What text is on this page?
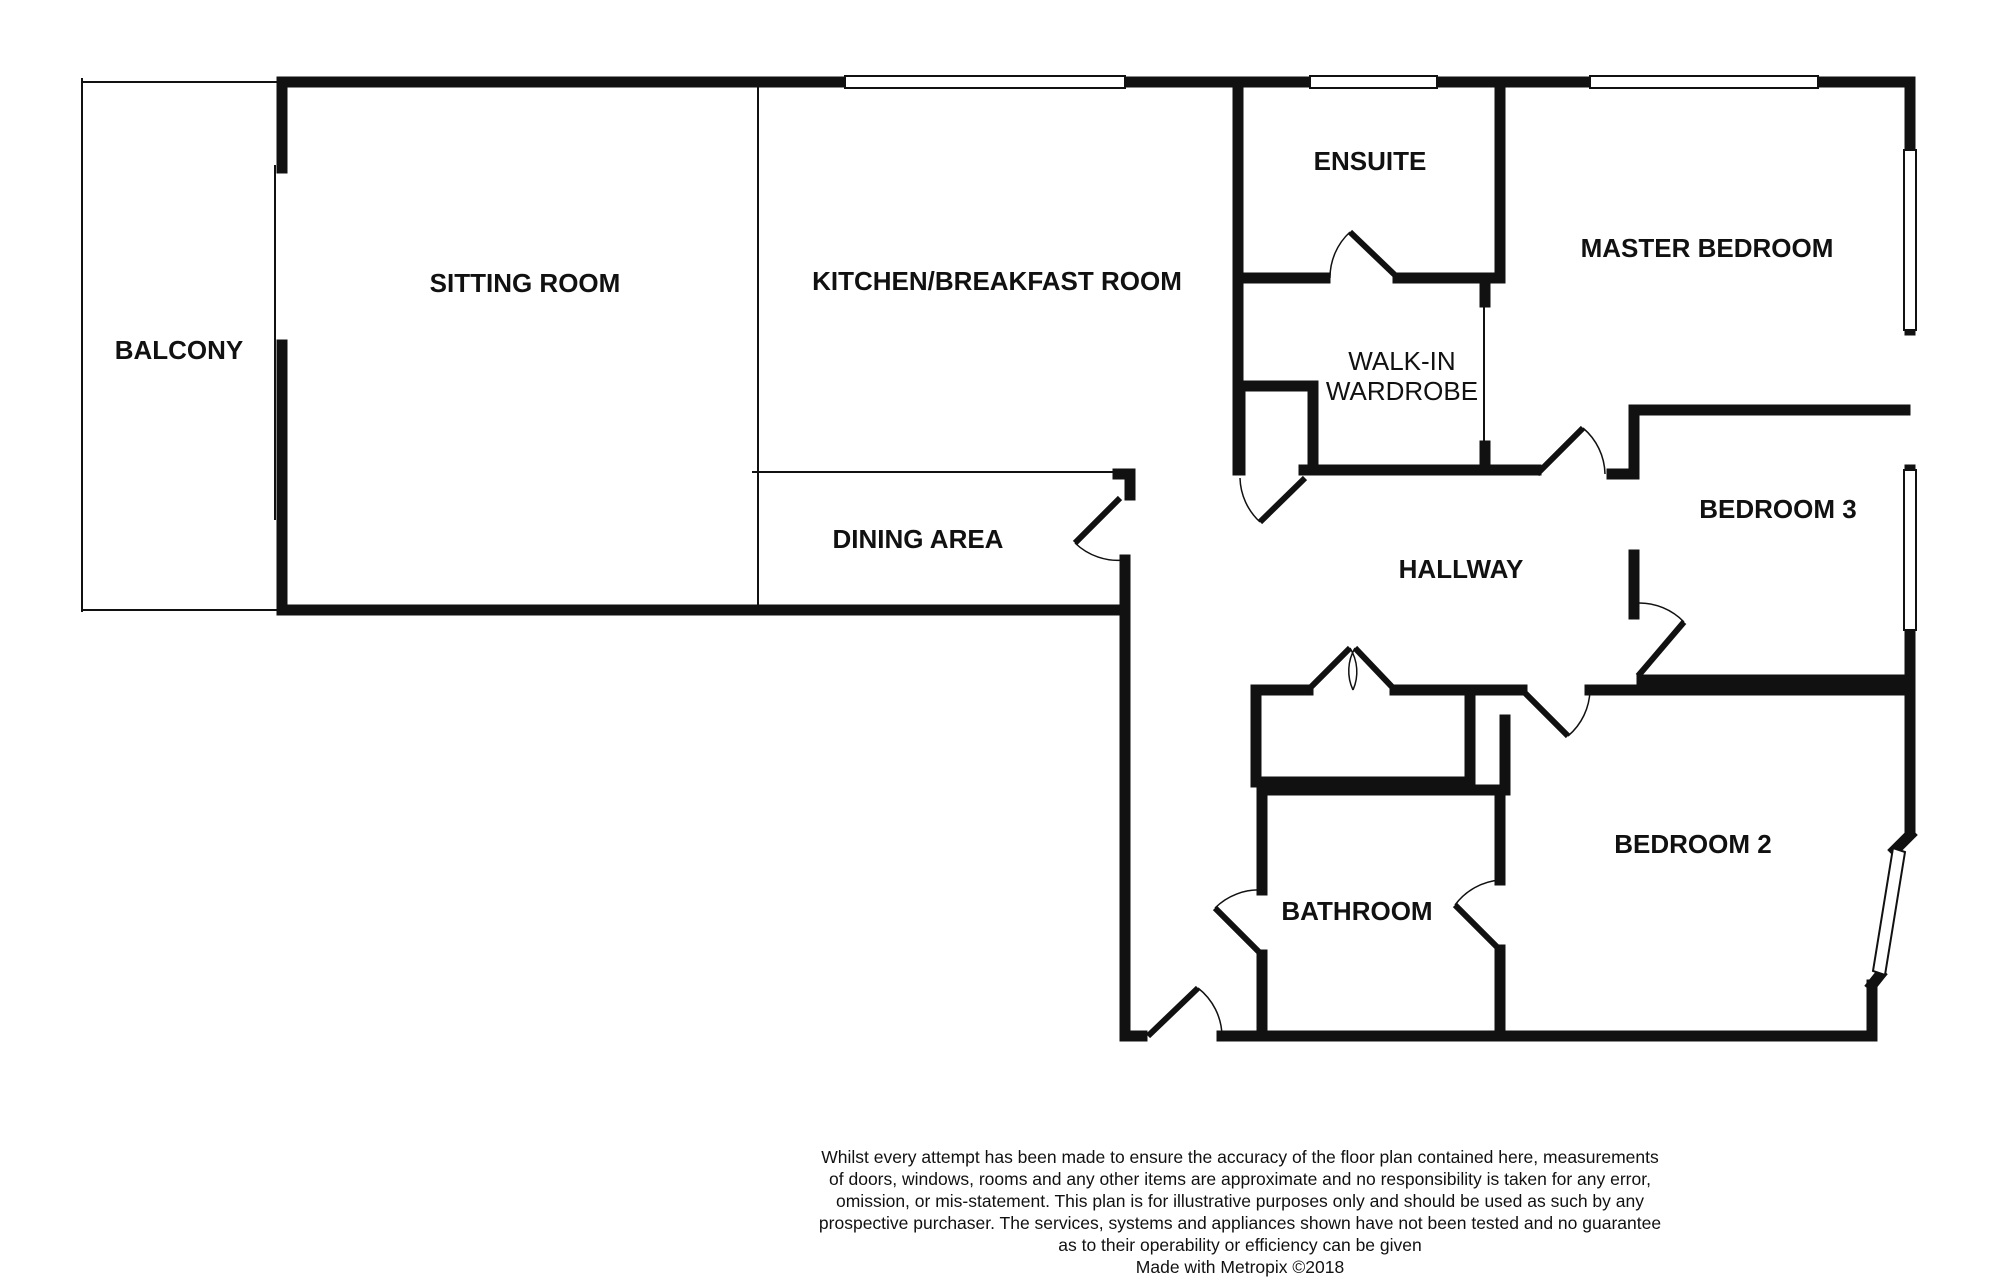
BALCONY
SITTING ROOM	KITCHEN/BREAKFAST ROOM
DINING AREA
ENSUITE
MASTER BEDROOM
WALK-IN
WARDROBE
HALLWAY
BEDROOM 3
BEDROOM 2
BATHROOM
Whilst every attempt has been made to ensure the accuracy of the floor plan contained here, measurements
of doors, windows, rooms and any other items are approximate and no responsibility is taken for any error,
omission, or mis-statement. This plan is for illustrative purposes only and should be used as such by any
prospective purchaser. The services, systems and appliances shown have not been tested and no guarantee
as to their operability or efficiency can be given
Made with Metropix ©2018
